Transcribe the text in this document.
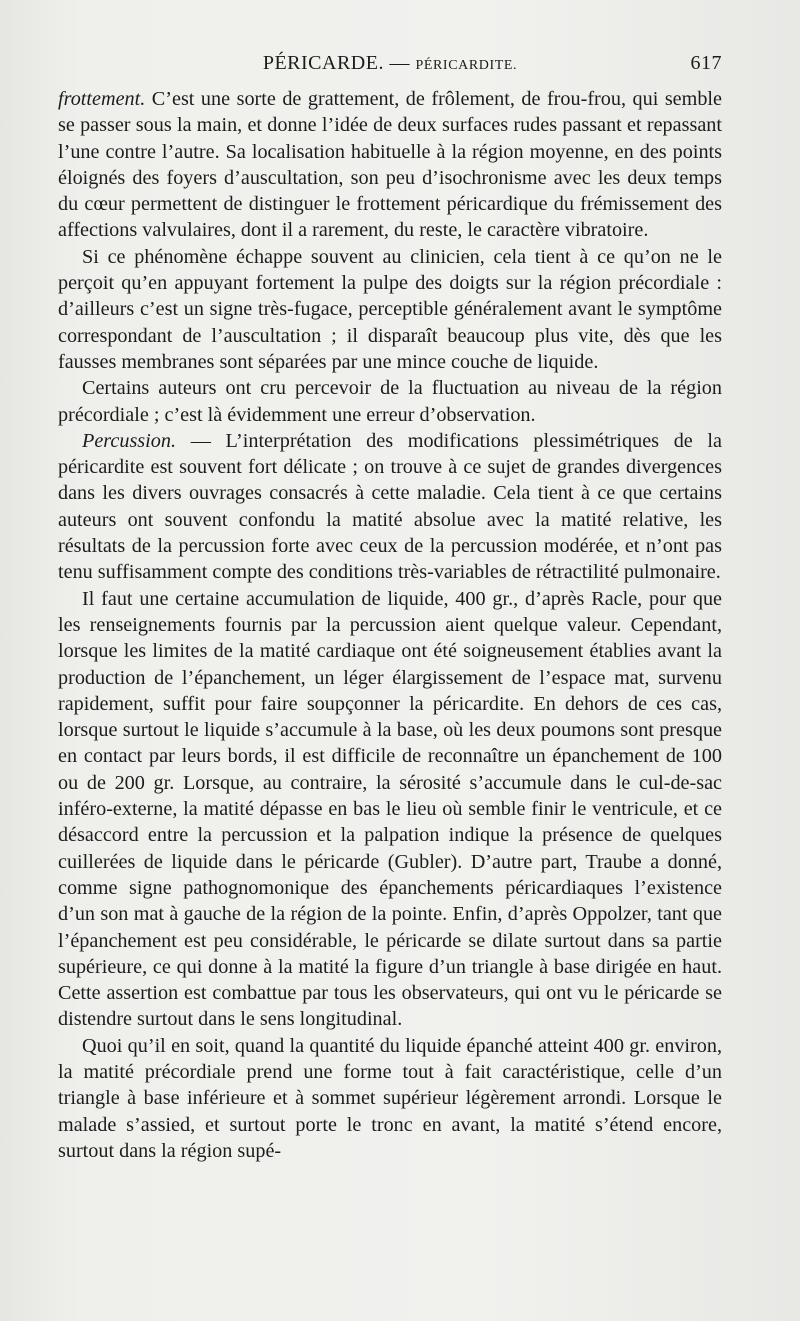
PÉRICARDE. — PÉRICARDITE.	617

frottement. C’est une sorte de grattement, de frôlement, de frou-frou, qui semble se passer sous la main, et donne l’idée de deux surfaces rudes passant et repassant l’une contre l’autre. Sa localisation habituelle à la région moyenne, en des points éloignés des foyers d’auscultation, son peu d’isochronisme avec les deux temps du cœur permettent de distinguer le frottement péricardique du frémissement des affections valvulaires, dont il a rarement, du reste, le caractère vibratoire.

Si ce phénomène échappe souvent au clinicien, cela tient à ce qu’on ne le perçoit qu’en appuyant fortement la pulpe des doigts sur la région précordiale : d’ailleurs c’est un signe très-fugace, perceptible généralement avant le symptôme correspondant de l’auscultation ; il disparaît beaucoup plus vite, dès que les fausses membranes sont séparées par une mince couche de liquide.

Certains auteurs ont cru percevoir de la fluctuation au niveau de la région précordiale ; c’est là évidemment une erreur d’observation.

Percussion. — L’interprétation des modifications plessimétriques de la péricardite est souvent fort délicate ; on trouve à ce sujet de grandes divergences dans les divers ouvrages consacrés à cette maladie. Cela tient à ce que certains auteurs ont souvent confondu la matité absolue avec la matité relative, les résultats de la percussion forte avec ceux de la percussion modérée, et n’ont pas tenu suffisamment compte des conditions très-variables de rétractilité pulmonaire.

Il faut une certaine accumulation de liquide, 400 gr., d’après Racle, pour que les renseignements fournis par la percussion aient quelque valeur. Cependant, lorsque les limites de la matité cardiaque ont été soigneusement établies avant la production de l’épanchement, un léger élargissement de l’espace mat, survenu rapidement, suffit pour faire soupçonner la péricardite. En dehors de ces cas, lorsque surtout le liquide s’accumule à la base, où les deux poumons sont presque en contact par leurs bords, il est difficile de reconnaître un épanchement de 100 ou de 200 gr. Lorsque, au contraire, la sérosité s’accumule dans le cul-de-sac inféro-externe, la matité dépasse en bas le lieu où semble finir le ventricule, et ce désaccord entre la percussion et la palpation indique la présence de quelques cuillerées de liquide dans le péricarde (Gubler). D’autre part, Traube a donné, comme signe pathognomonique des épanchements péricardiaques l’existence d’un son mat à gauche de la région de la pointe. Enfin, d’après Oppolzer, tant que l’épanchement est peu considérable, le péricarde se dilate surtout dans sa partie supérieure, ce qui donne à la matité la figure d’un triangle à base dirigée en haut. Cette assertion est combattue par tous les observateurs, qui ont vu le péricarde se distendre surtout dans le sens longitudinal.

Quoi qu’il en soit, quand la quantité du liquide épanché atteint 400 gr. environ, la matité précordiale prend une forme tout à fait caractéristique, celle d’un triangle à base inférieure et à sommet supérieur légèrement arrondi. Lorsque le malade s’assied, et surtout porte le tronc en avant, la matité s’étend encore, surtout dans la région supé-
